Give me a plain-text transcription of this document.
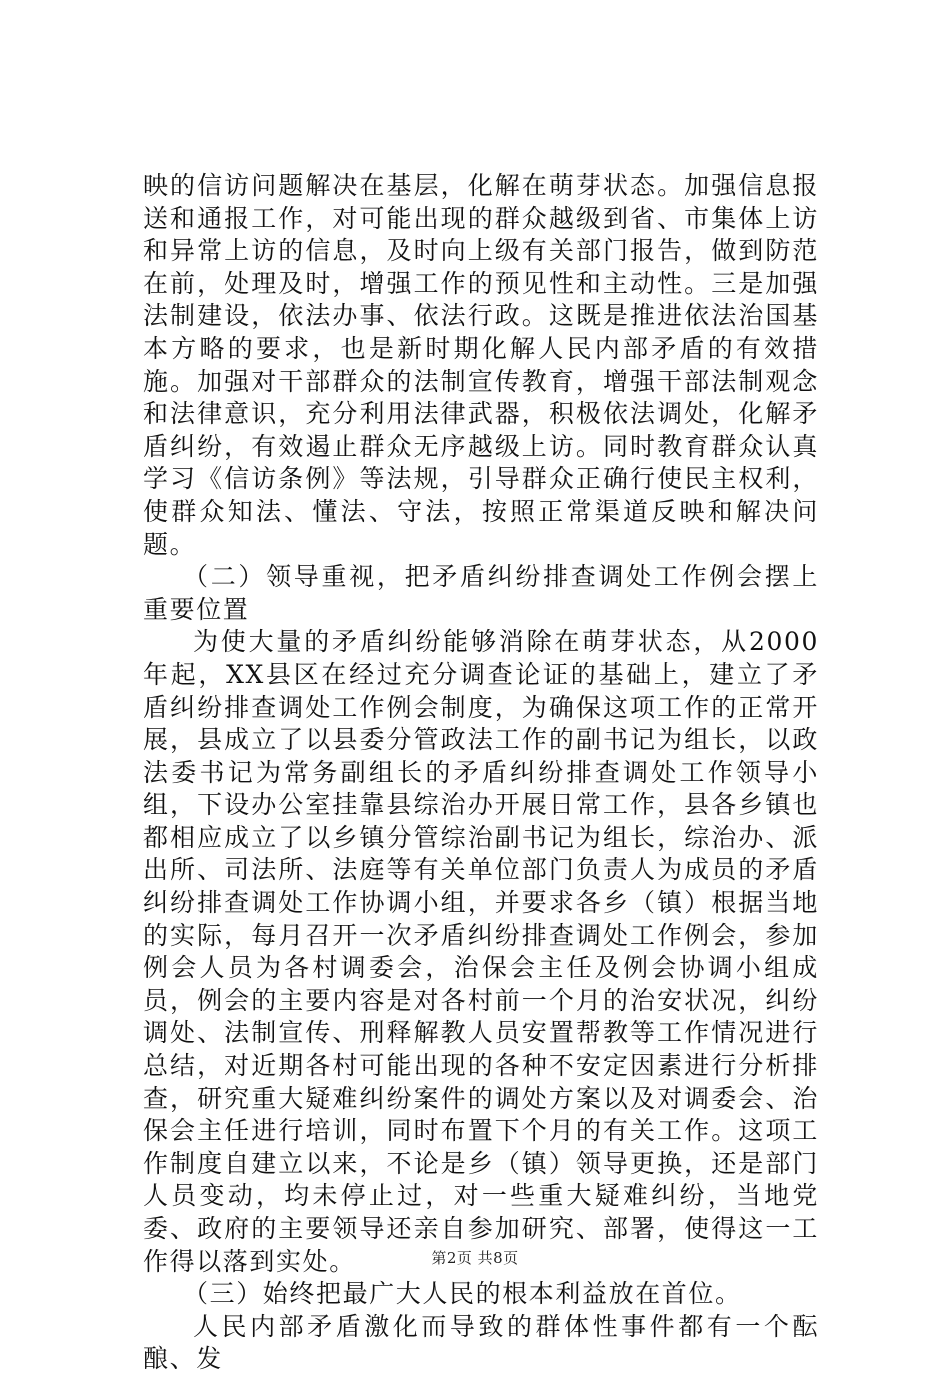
映的信访问题解决在基层，化解在萌芽状态。加强信息报送和通报工作，对可能出现的群众越级到省、市集体上访和异常上访的信息，及时向上级有关部门报告，做到防范在前，处理及时，增强工作的预见性和主动性。三是加强法制建设，依法办事、依法行政。这既是推进依法治国基本方略的要求，也是新时期化解人民内部矛盾的有效措施。加强对干部群众的法制宣传教育，增强干部法制观念和法律意识，充分利用法律武器，积极依法调处，化解矛盾纠纷，有效遏止群众无序越级上访。同时教育群众认真学习《信访条例》等法规，引导群众正确行使民主权利，使群众知法、懂法、守法，按照正常渠道反映和解决问题。

（二）领导重视，把矛盾纠纷排查调处工作例会摆上重要位置

为使大量的矛盾纠纷能够消除在萌芽状态，从2000年起，XX县区在经过充分调查论证的基础上，建立了矛盾纠纷排查调处工作例会制度，为确保这项工作的正常开展，县成立了以县委分管政法工作的副书记为组长，以政法委书记为常务副组长的矛盾纠纷排查调处工作领导小组，下设办公室挂靠县综治办开展日常工作，县各乡镇也都相应成立了以乡镇分管综治副书记为组长，综治办、派出所、司法所、法庭等有关单位部门负责人为成员的矛盾纠纷排查调处工作协调小组，并要求各乡（镇）根据当地的实际，每月召开一次矛盾纠纷排查调处工作例会，参加例会人员为各村调委会，治保会主任及例会协调小组成员，例会的主要内容是对各村前一个月的治安状况，纠纷调处、法制宣传、刑释解教人员安置帮教等工作情况进行总结，对近期各村可能出现的各种不安定因素进行分析排查，研究重大疑难纠纷案件的调处方案以及对调委会、治保会主任进行培训，同时布置下个月的有关工作。这项工作制度自建立以来，不论是乡（镇）领导更换，还是部门人员变动，均未停止过，对一些重大疑难纠纷，当地党委、政府的主要领导还亲自参加研究、部署，使得这一工作得以落到实处。

（三）始终把最广大人民的根本利益放在首位。

人民内部矛盾激化而导致的群体性事件都有一个酝酿、发

第2页 共8页
